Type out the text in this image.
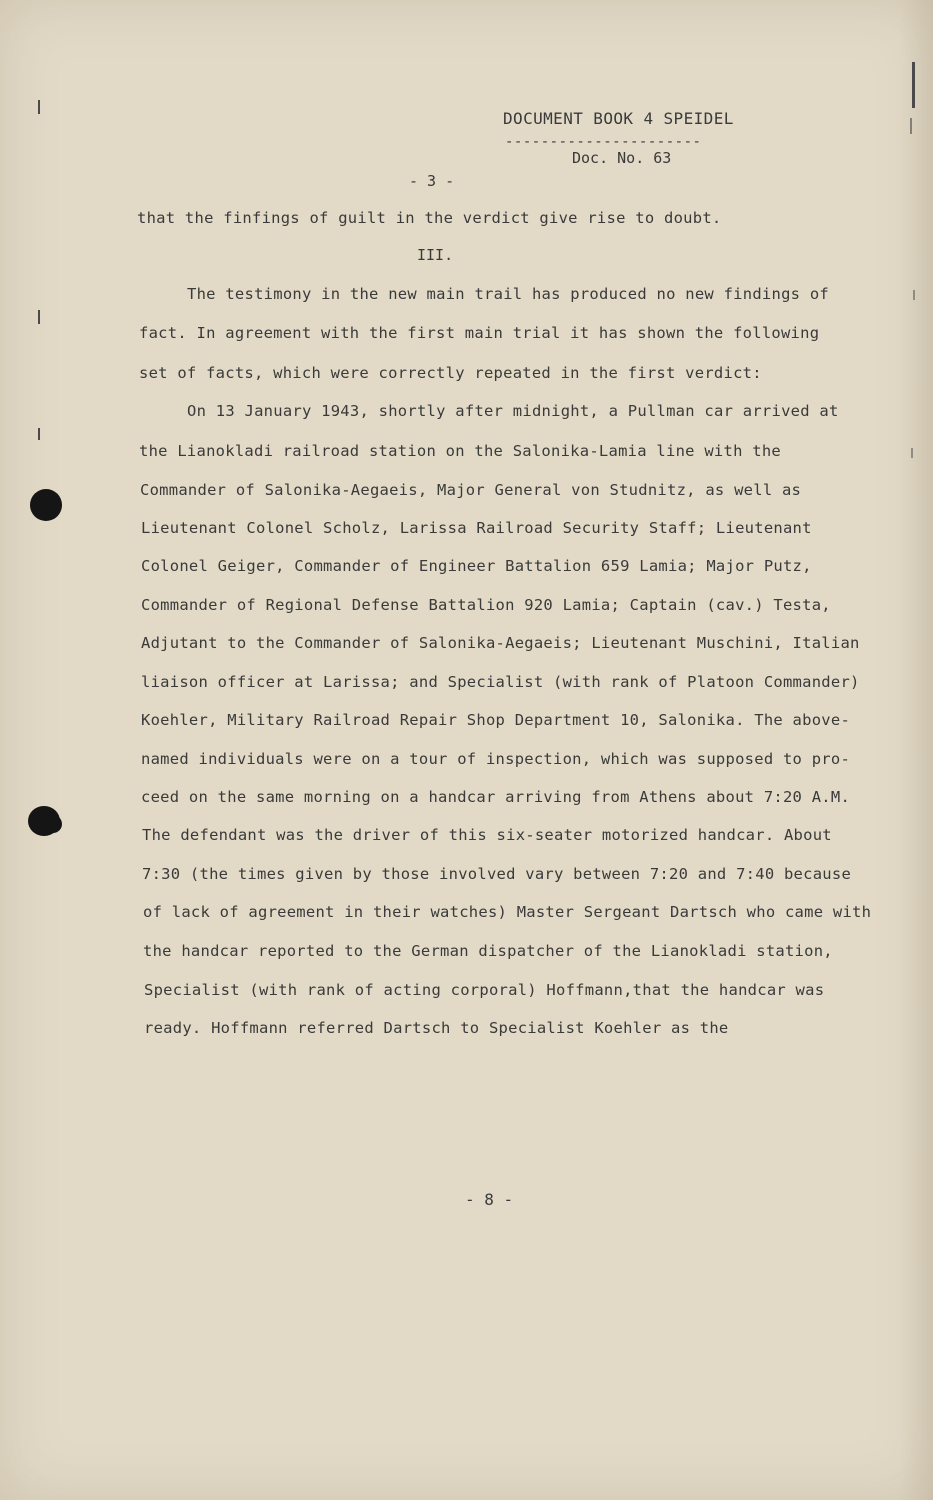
DOCUMENT BOOK 4 SPEIDEL
----------------------
Doc. No. 63
- 3 -
that the finfings of guilt in the verdict give rise to doubt.
III.
The testimony in the new main trail has produced no new findings of
fact. In agreement with the first main trial it has shown the following
set of facts, which were correctly repeated in the first verdict:
On 13 January 1943, shortly after midnight, a Pullman car arrived at
the Lianokladi railroad station on the Salonika-Lamia line with the
Commander of Salonika-Aegaeis, Major General von Studnitz, as well as
Lieutenant Colonel Scholz, Larissa Railroad Security Staff; Lieutenant
Colonel Geiger, Commander of Engineer Battalion 659 Lamia; Major Putz,
Commander of Regional Defense Battalion 920 Lamia; Captain (cav.) Testa,
Adjutant to the Commander of Salonika-Aegaeis; Lieutenant Muschini, Italian
liaison officer at Larissa; and Specialist (with rank of Platoon Commander)
Koehler, Military Railroad Repair Shop Department 10, Salonika. The above-
named individuals were on a tour of inspection, which was supposed to pro-
ceed on the same morning on a handcar arriving from Athens about 7:20 A.M.
The defendant was the driver of this six-seater motorized handcar. About
7:30 (the times given by those involved vary between 7:20 and 7:40 because
of lack of agreement in their watches) Master Sergeant Dartsch who came with
the handcar reported to the German dispatcher of the Lianokladi station,
Specialist (with rank of acting corporal) Hoffmann,that the handcar was
ready. Hoffmann referred Dartsch to Specialist Koehler as the
- 8 -
